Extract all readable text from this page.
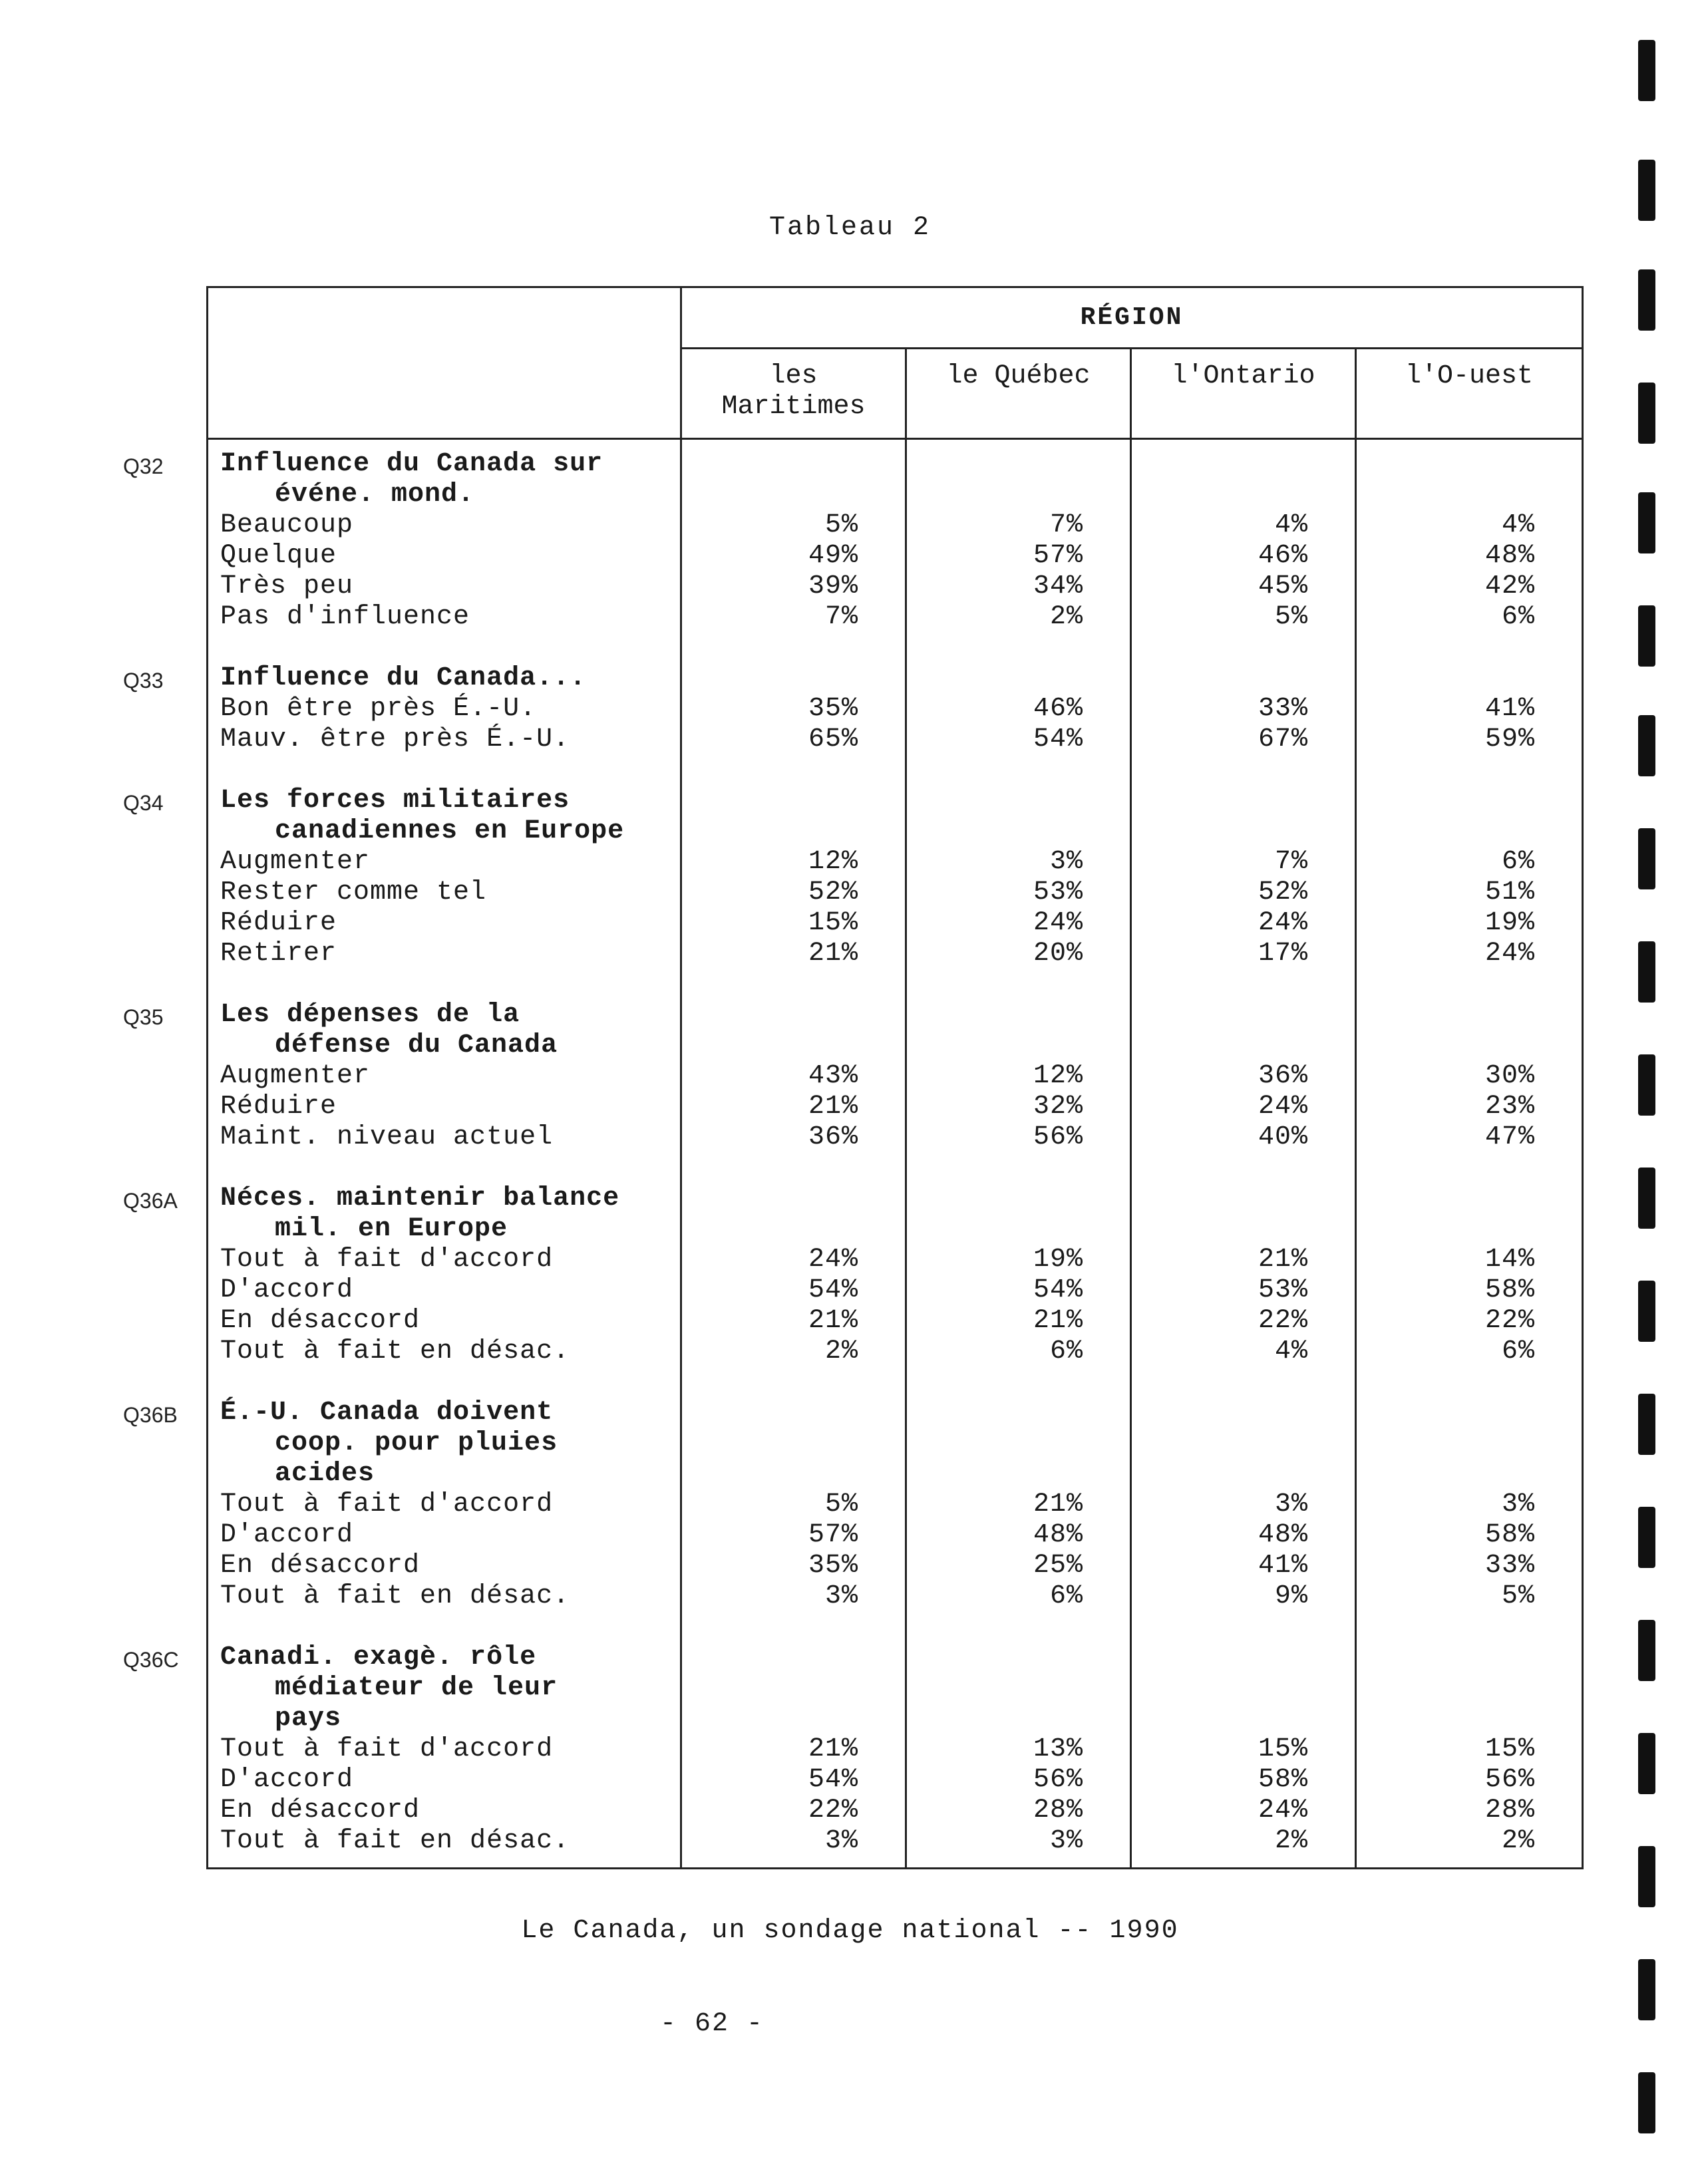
Tableau 2
RÉGION
les
Maritimes
le Québec	l'Ontario	l'O-uest
Influence du Canada sur
événe. mond.
Beaucoup
Quelque
Très peu
Pas d'influence
Influence du Canada...
Bon être près É.-U.
Mauv. être près É.-U.
Les forces militaires
canadiennes en Europe
Augmenter
Rester comme tel
Réduire
Retirer
Les dépenses de la
défense du Canada
Augmenter
Réduire
Maint. niveau actuel
Néces. maintenir balance
mil. en Europe
Tout à fait d'accord
D'accord
En désaccord
Tout à fait en désac.
É.-U. Canada doivent
coop. pour pluies
acides
Tout à fait d'accord
D'accord
En désaccord
Tout à fait en désac.
Canadi. exagè. rôle
médiateur de leur
pays
Tout à fait d'accord
D'accord
En désaccord
Tout à fait en désac.
5%
49%
39%
7%
35%
65%
12%
52%
15%
21%
43%
21%
36%
24%
54%
21%
2%
5%
57%
35%
3%
21%
54%
22%
3%
7%
57%
34%
2%
46%
54%
3%
53%
24%
20%
12%
32%
56%
19%
54%
21%
6%
21%
48%
25%
6%
13%
56%
28%
3%
4%
46%
45%
5%
33%
67%
7%
52%
24%
17%
36%
24%
40%
21%
53%
22%
4%
3%
48%
41%
9%
15%
58%
24%
2%
4%
48%
42%
6%
41%
59%
6%
51%
19%
24%
30%
23%
47%
14%
58%
22%
6%
3%
58%
33%
5%
15%
56%
28%
2%
Q32
Q33
Q34
Q35
Q36A
Q36B
Q36C
Le Canada, un sondage national -- 1990
- 62 -
